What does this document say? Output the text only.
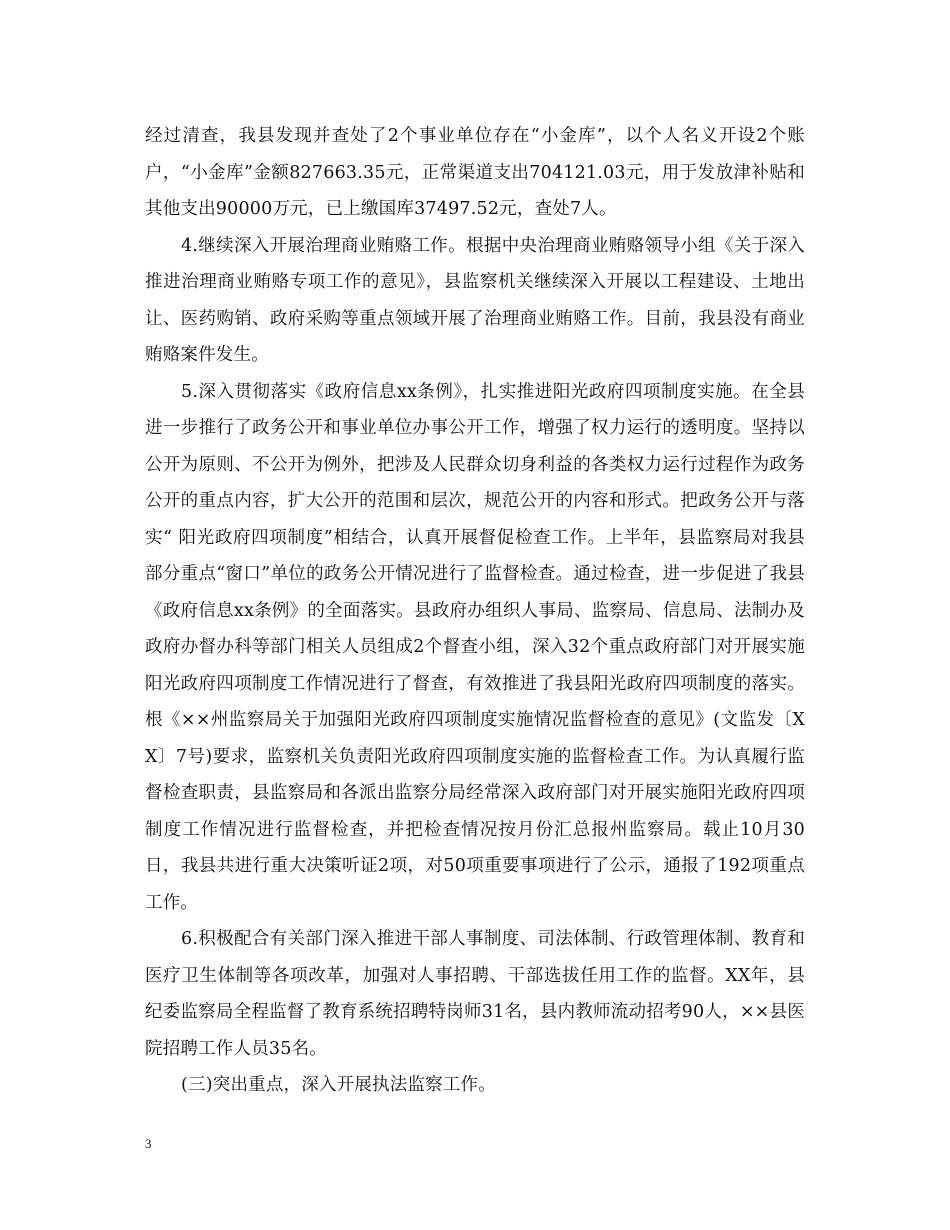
经过清查，我县发现并查处了2个事业单位存在“小金库”，以个人名义开设2个账户，“小金库”金额827663.35元，正常渠道支出704121.03元，用于发放津补贴和其他支出90000万元，已上缴国库37497.52元，查处7人。

4.继续深入开展治理商业贿赂工作。根据中央治理商业贿赂领导小组《关于深入推进治理商业贿赂专项工作的意见》，县监察机关继续深入开展以工程建设、土地出让、医药购销、政府采购等重点领域开展了治理商业贿赂工作。目前，我县没有商业贿赂案件发生。

5.深入贯彻落实《政府信息xx条例》，扎实推进阳光政府四项制度实施。在全县进一步推行了政务公开和事业单位办事公开工作，增强了权力运行的透明度。坚持以公开为原则、不公开为例外，把涉及人民群众切身利益的各类权力运行过程作为政务公开的重点内容，扩大公开的范围和层次，规范公开的内容和形式。把政务公开与落实“ 阳光政府四项制度”相结合，认真开展督促检查工作。上半年，县监察局对我县部分重点“窗口”单位的政务公开情况进行了监督检查。通过检查，进一步促进了我县《政府信息xx条例》的全面落实。县政府办组织人事局、监察局、信息局、法制办及政府办督办科等部门相关人员组成2个督查小组，深入32个重点政府部门对开展实施阳光政府四项制度工作情况进行了督查，有效推进了我县阳光政府四项制度的落实。根《××州监察局关于加强阳光政府四项制度实施情况监督检查的意见》(文监发〔XX〕7号)要求，监察机关负责阳光政府四项制度实施的监督检查工作。为认真履行监督检查职责，县监察局和各派出监察分局经常深入政府部门对开展实施阳光政府四项制度工作情况进行监督检查，并把检查情况按月份汇总报州监察局。载止10月30日，我县共进行重大决策听证2项，对50项重要事项进行了公示，通报了192项重点工作。

6.积极配合有关部门深入推进干部人事制度、司法体制、行政管理体制、教育和医疗卫生体制等各项改革，加强对人事招聘、干部选拔任用工作的监督。XX年，县纪委监察局全程监督了教育系统招聘特岗师31名，县内教师流动招考90人，××县医院招聘工作人员35名。

(三)突出重点，深入开展执法监察工作。

3
